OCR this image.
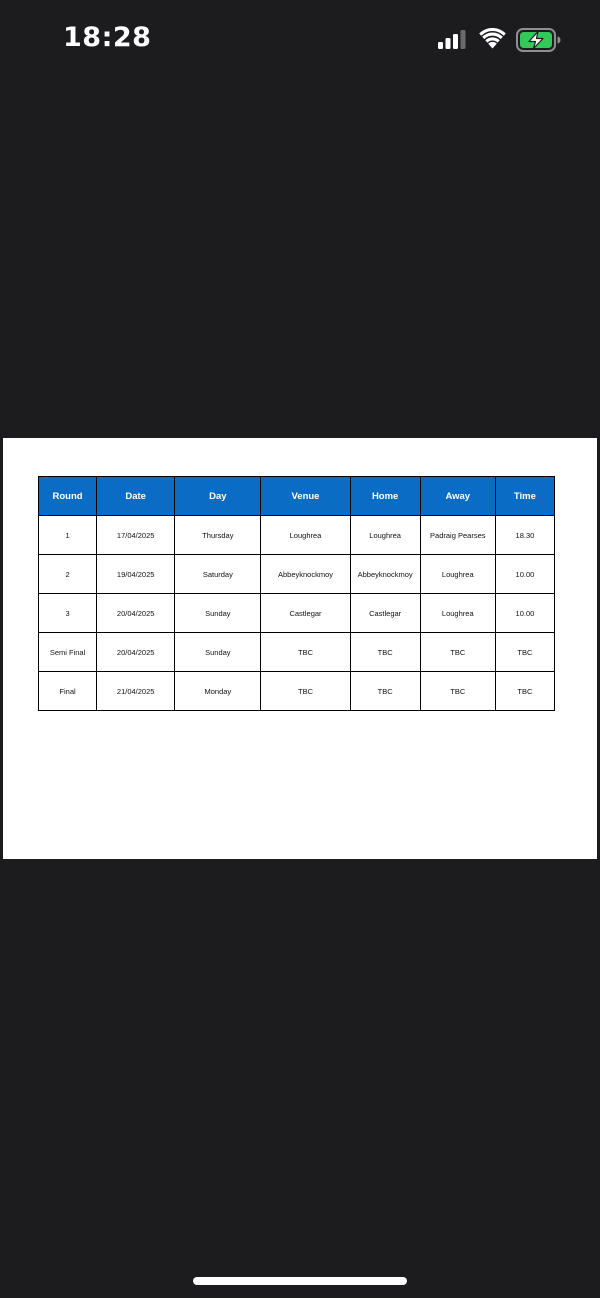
18:28
Round	Date	Day	Venue	Home	Away	Time
1	17/04/2025	Thursday	Loughrea	Loughrea	Padraig Pearses	18.30
2	19/04/2025	Saturday	Abbeyknockmoy	Abbeyknockmoy	Loughrea	10.00
3	20/04/2025	Sunday	Castlegar	Castlegar	Loughrea	10.00
Semi Final	20/04/2025	Sunday	TBC	TBC	TBC	TBC
Final	21/04/2025	Monday	TBC	TBC	TBC	TBC
